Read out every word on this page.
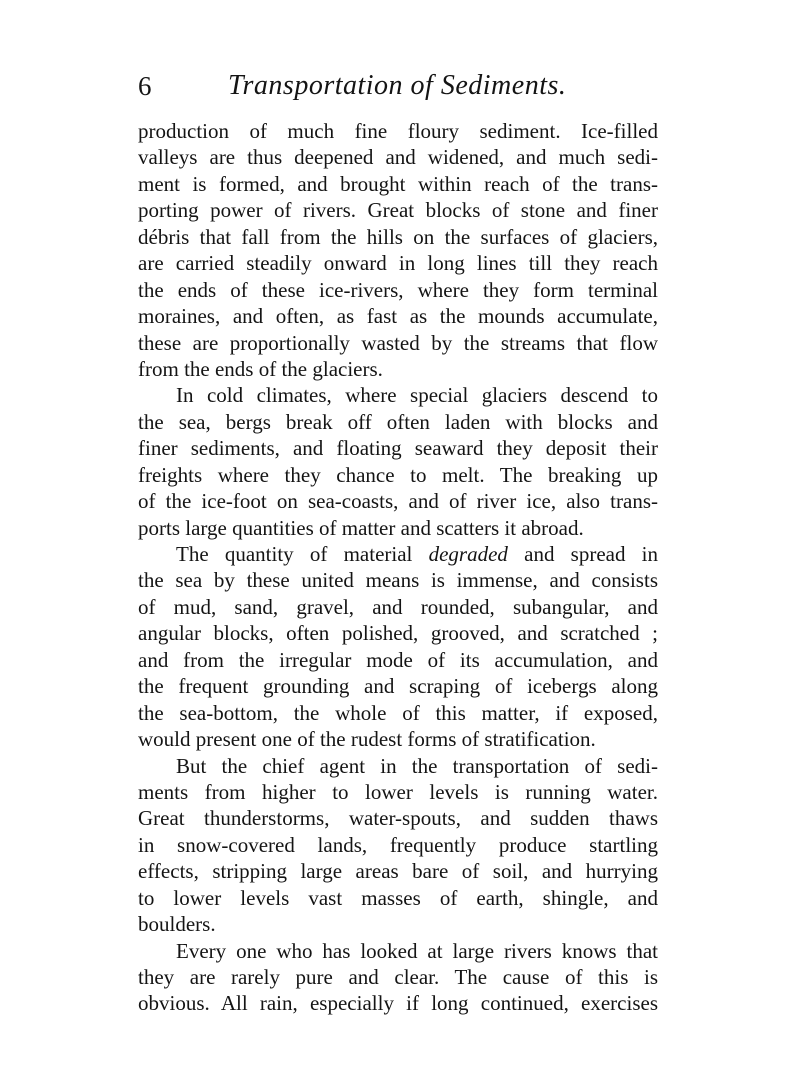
6	Transportation of Sediments.
production of much fine floury sediment. Ice-filled
valleys are thus deepened and widened, and much sedi-
ment is formed, and brought within reach of the trans-
porting power of rivers. Great blocks of stone and finer
débris that fall from the hills on the surfaces of glaciers,
are carried steadily onward in long lines till they reach
the ends of these ice-rivers, where they form terminal
moraines, and often, as fast as the mounds accumulate,
these are proportionally wasted by the streams that flow
from the ends of the glaciers.
In cold climates, where special glaciers descend to
the sea, bergs break off often laden with blocks and
finer sediments, and floating seaward they deposit their
freights where they chance to melt. The breaking up
of the ice-foot on sea-coasts, and of river ice, also trans-
ports large quantities of matter and scatters it abroad.
The quantity of material degraded and spread in
the sea by these united means is immense, and consists
of mud, sand, gravel, and rounded, subangular, and
angular blocks, often polished, grooved, and scratched ;
and from the irregular mode of its accumulation, and
the frequent grounding and scraping of icebergs along
the sea-bottom, the whole of this matter, if exposed,
would present one of the rudest forms of stratification.
But the chief agent in the transportation of sedi-
ments from higher to lower levels is running water.
Great thunderstorms, water-spouts, and sudden thaws
in snow-covered lands, frequently produce startling
effects, stripping large areas bare of soil, and hurrying
to lower levels vast masses of earth, shingle, and
boulders.
Every one who has looked at large rivers knows that
they are rarely pure and clear. The cause of this is
obvious. All rain, especially if long continued, exercises
